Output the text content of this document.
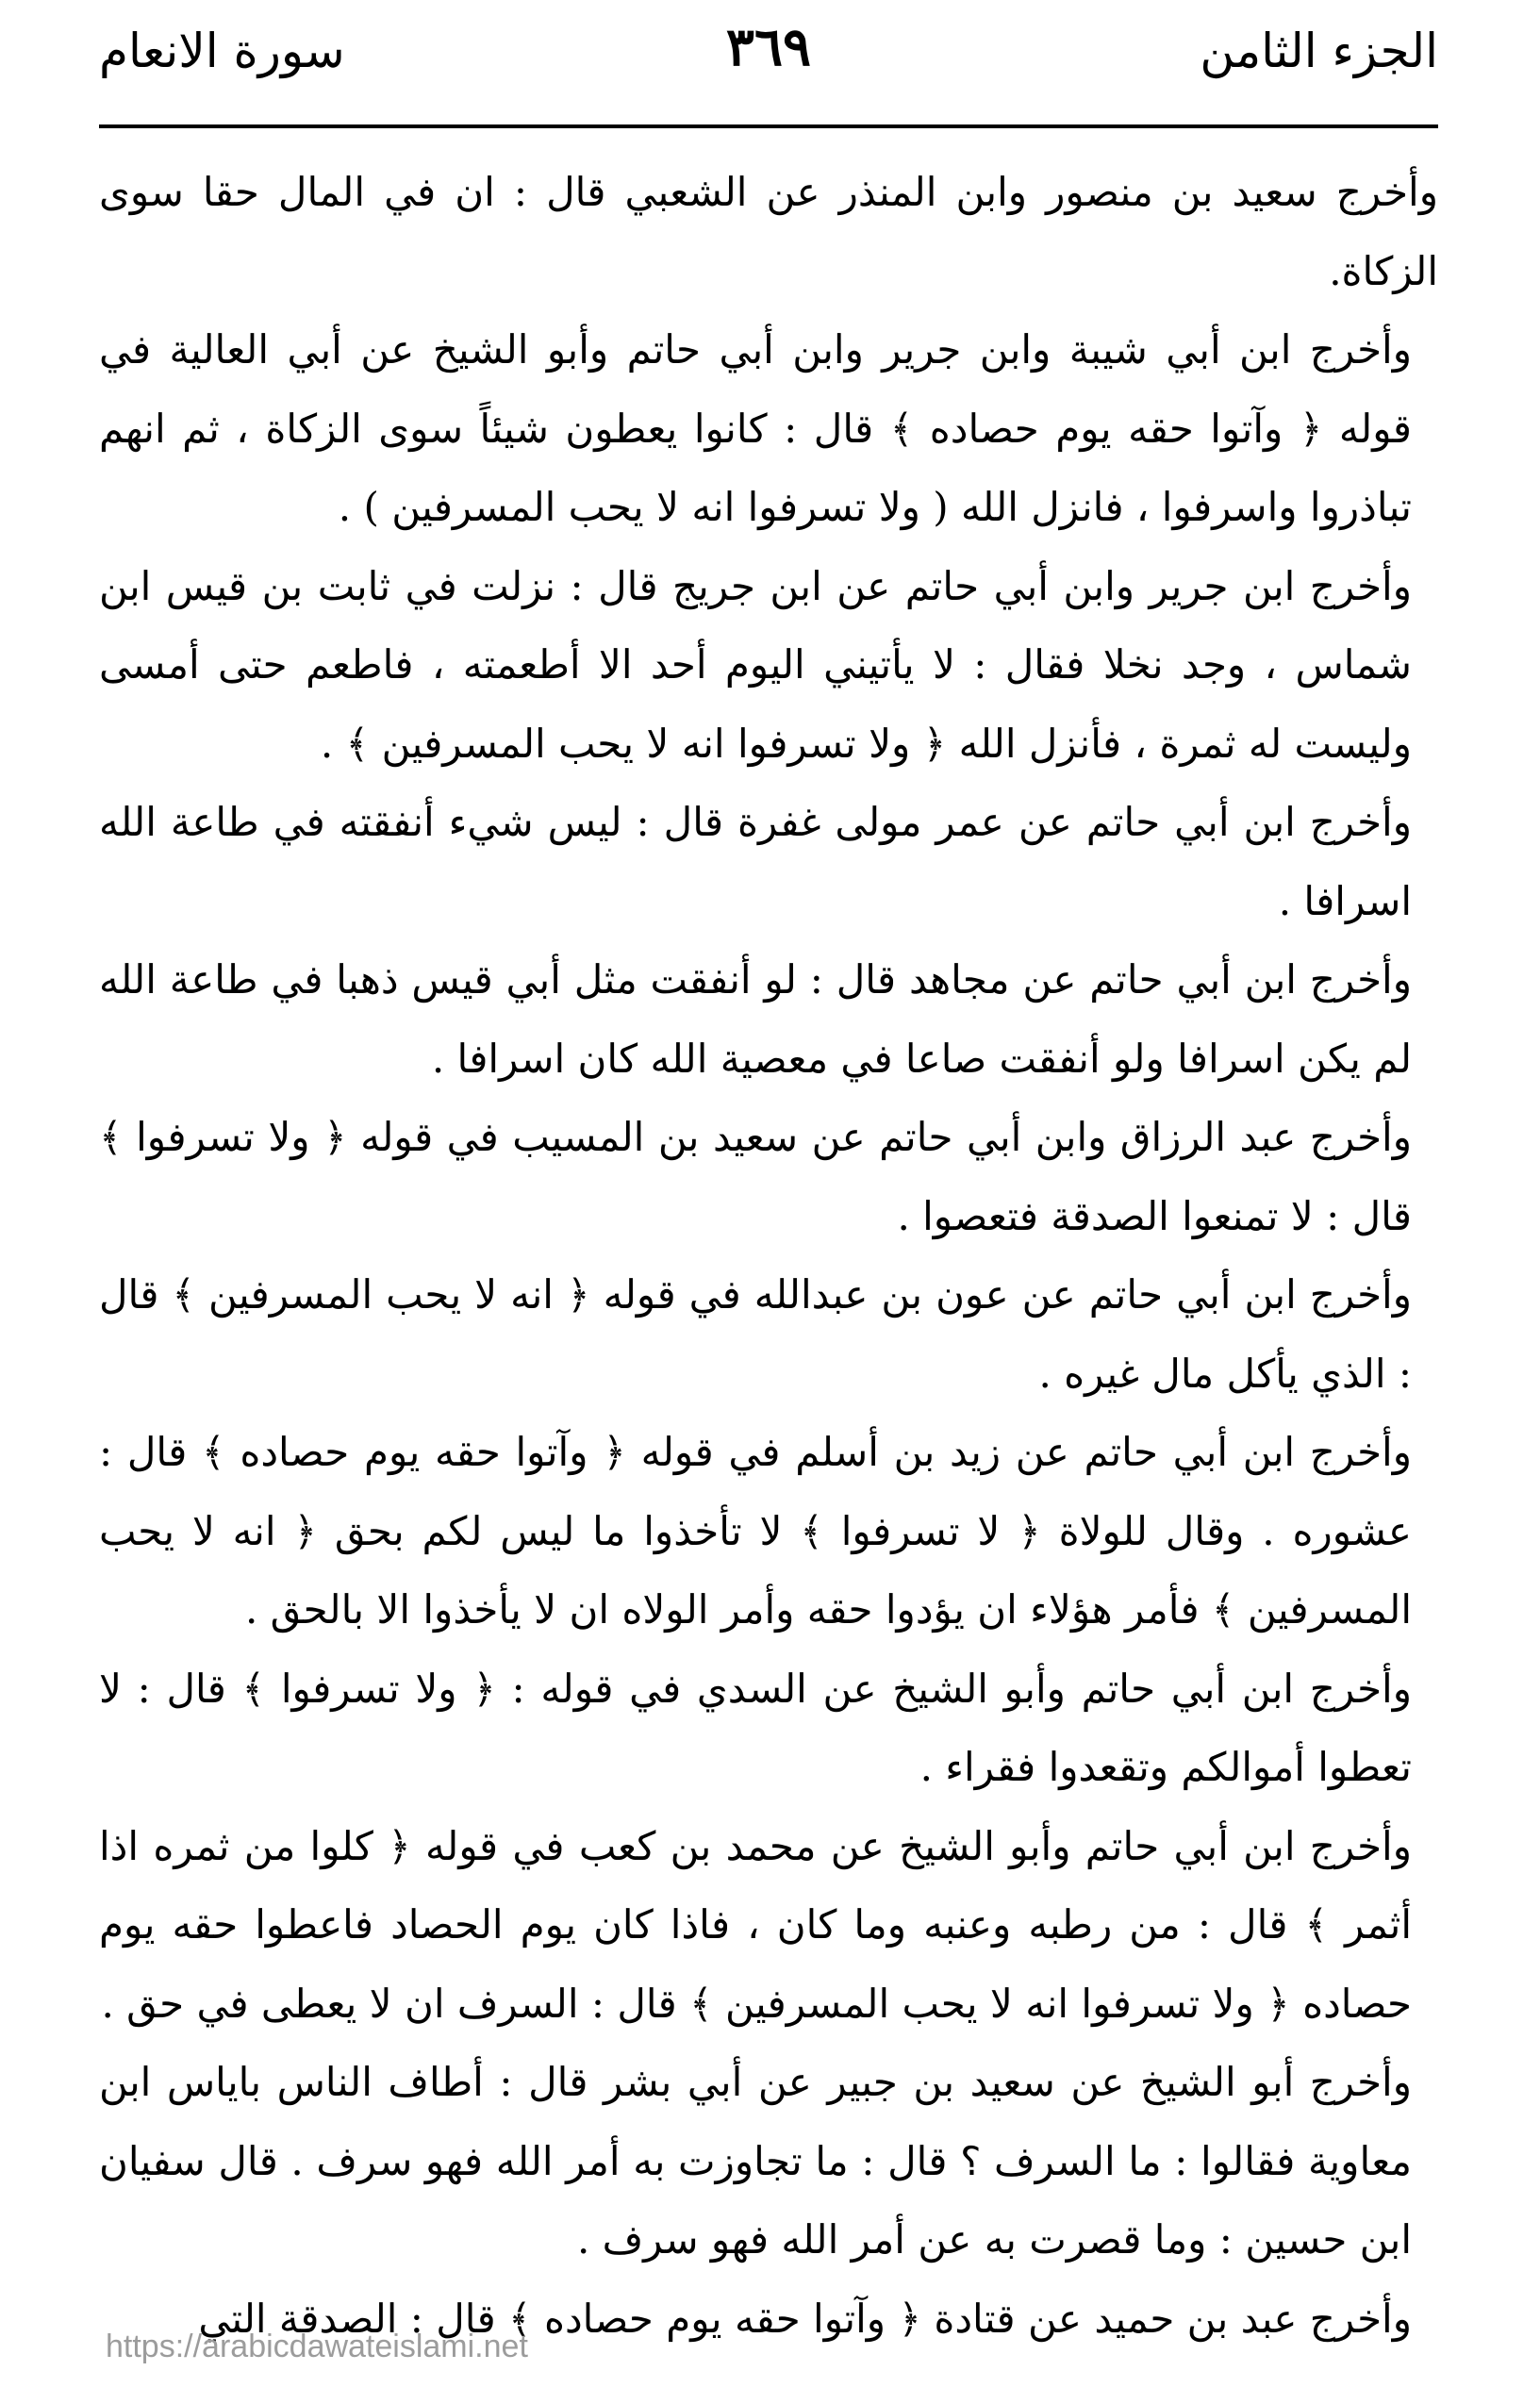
الجزء الثامن
٣٦٩
سورة الانعام

وأخرج سعيد بن منصور وابن المنذر عن الشعبي قال : ان في المال حقا سوى الزكاة.

وأخرج ابن أبي شيبة وابن جرير وابن أبي حاتم وأبو الشيخ عن أبي العالية في قوله ﴿ وآتوا حقه يوم حصاده ﴾ قال : كانوا يعطون شيئاً سوى الزكاة ، ثم انهم تباذروا واسرفوا ، فانزل الله ( ولا تسرفوا انه لا يحب المسرفين ) .

وأخرج ابن جرير وابن أبي حاتم عن ابن جريج قال : نزلت في ثابت بن قيس ابن شماس ، وجد نخلا فقال : لا يأتيني اليوم أحد الا أطعمته ، فاطعم حتى أمسى وليست له ثمرة ، فأنزل الله ﴿ ولا تسرفوا انه لا يحب المسرفين ﴾ .

وأخرج ابن أبي حاتم عن عمر مولى غفرة قال : ليس شيء أنفقته في طاعة الله اسرافا .

وأخرج ابن أبي حاتم عن مجاهد قال : لو أنفقت مثل أبي قيس ذهبا في طاعة الله لم يكن اسرافا ولو أنفقت صاعا في معصية الله كان اسرافا .

وأخرج عبد الرزاق وابن أبي حاتم عن سعيد بن المسيب في قوله ﴿ ولا تسرفوا ﴾ قال : لا تمنعوا الصدقة فتعصوا .

وأخرج ابن أبي حاتم عن عون بن عبدالله في قوله ﴿ انه لا يحب المسرفين ﴾ قال : الذي يأكل مال غيره .

وأخرج ابن أبي حاتم عن زيد بن أسلم في قوله ﴿ وآتوا حقه يوم حصاده ﴾ قال : عشوره . وقال للولاة ﴿ لا تسرفوا ﴾ لا تأخذوا ما ليس لكم بحق ﴿ انه لا يحب المسرفين ﴾ فأمر هؤلاء ان يؤدوا حقه وأمر الولاه ان لا يأخذوا الا بالحق .

وأخرج ابن أبي حاتم وأبو الشيخ عن السدي في قوله : ﴿ ولا تسرفوا ﴾ قال : لا تعطوا أموالكم وتقعدوا فقراء .

وأخرج ابن أبي حاتم وأبو الشيخ عن محمد بن كعب في قوله ﴿ كلوا من ثمره اذا أثمر ﴾ قال : من رطبه وعنبه وما كان ، فاذا كان يوم الحصاد فاعطوا حقه يوم حصاده ﴿ ولا تسرفوا انه لا يحب المسرفين ﴾ قال : السرف ان لا يعطى في حق .

وأخرج أبو الشيخ عن سعيد بن جبير عن أبي بشر قال : أطاف الناس باياس ابن معاوية فقالوا : ما السرف ؟ قال : ما تجاوزت به أمر الله فهو سرف . قال سفيان ابن حسين : وما قصرت به عن أمر الله فهو سرف .

وأخرج عبد بن حميد عن قتادة ﴿ وآتوا حقه يوم حصاده ﴾ قال : الصدقة التي

https://arabicdawateislami.net
